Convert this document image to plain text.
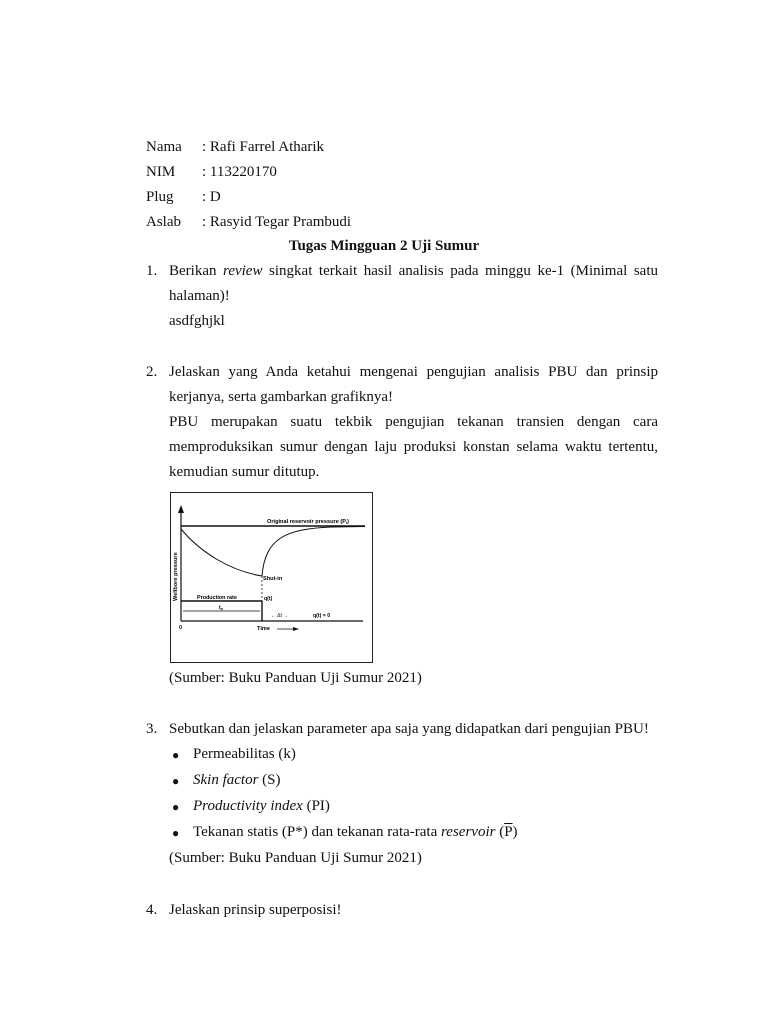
Nama : Rafi Farrel Atharik
NIM : 113220170
Plug : D
Aslab : Rasyid Tegar Prambudi
Tugas Mingguan 2 Uji Sumur
1. Berikan review singkat terkait hasil analisis pada minggu ke-1 (Minimal satu
halaman)!
asdfghjkl
2. Jelaskan yang Anda ketahui mengenai pengujian analisis PBU dan prinsip
kerjanya, serta gambarkan grafiknya!
PBU merupakan suatu tekbik pengujian tekanan transien dengan cara
memproduksikan sumur dengan laju produksi konstan selama waktu tertentu,
kemudian sumur ditutup.
Original reservoir pressure (Pi)
Wellbore pressure	Shut-in
Production rate	q(t)
$t_p$
← Δt →	q(t) = 0
0	Time
(Sumber: Buku Panduan Uji Sumur 2021)
3. Sebutkan dan jelaskan parameter apa saja yang didapatkan dari pengujian PBU!
● Permeabilitas (k)
● Skin factor (S)
● Productivity index (PI)
● Tekanan statis (P*) dan tekanan rata-rata reservoir $(\overline{P})$
(Sumber: Buku Panduan Uji Sumur 2021)
4. Jelaskan prinsip superposisi!
